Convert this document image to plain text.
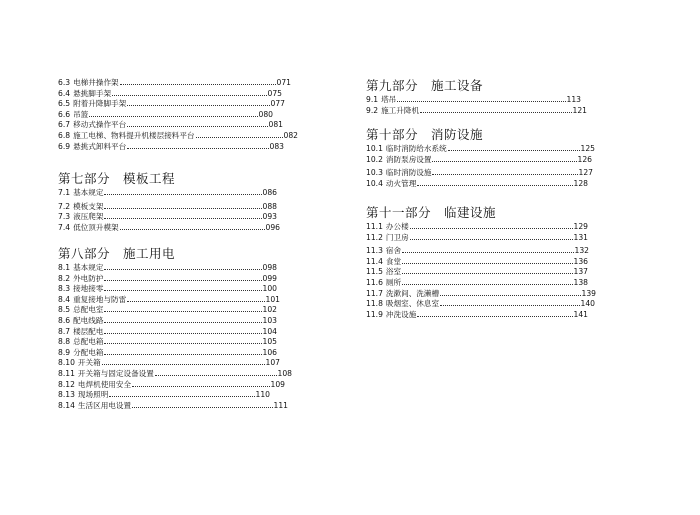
6.3 电梯井操作架	071
6.4 悬挑脚手架	075
6.5 附着升降脚手架	077
6.6 吊篮	080
6.7 移动式操作平台	081
6.8 施工电梯、物料提升机楼层接料平台	082
6.9 悬挑式卸料平台	083
第七部分　模板工程
7.1 基本规定	086
7.2 模板支架	088
7.3 液压爬架	093
7.4 低位顶升模架	096
第八部分　施工用电
8.1 基本规定	098
8.2 外电防护	099
8.3 接地接零	100
8.4 重复接地与防雷	101
8.5 总配电室	102
8.6 配电线路	103
8.7 楼层配电	104
8.8 总配电箱	105
8.9 分配电箱	106
8.10 开关箱	107
8.11 开关箱与固定设备设置	108
8.12 电焊机使用安全	109
8.13 现场照明	110
8.14 生活区用电设置	111
第九部分　施工设备
9.1 塔吊	113
9.2 施工升降机	121
第十部分　消防设施
10.1 临时消防给水系统	125
10.2 消防泵房设置	126
10.3 临时消防设施	127
10.4 动火管理	128
第十一部分　临建设施
11.1 办公楼	129
11.2 门卫房	131
11.3 宿舍	132
11.4 食堂	136
11.5 浴室	137
11.6 厕所	138
11.7 洗漱间、洗濑槽	139
11.8 吸烟室、休息室	140
11.9 冲洗设施	141
